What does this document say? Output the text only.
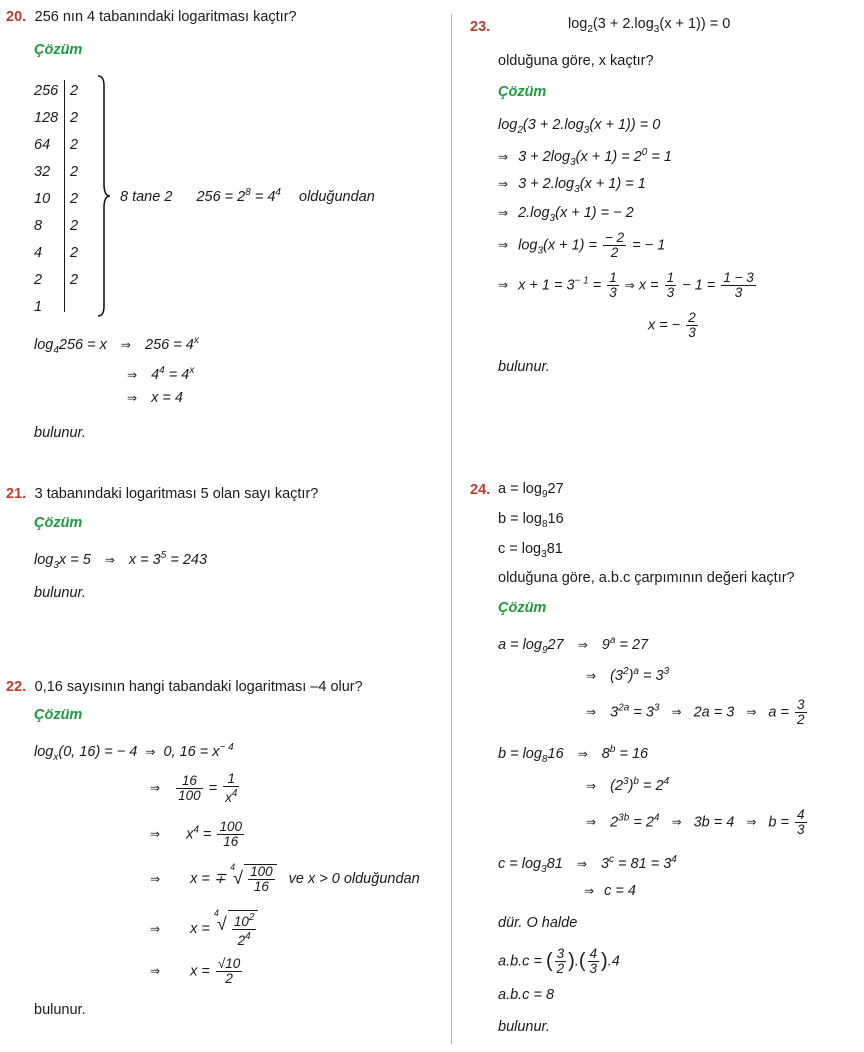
20. 256 nın 4 tabanındaki logaritması kaçtır?
Çözüm
256
128
64
32
10
8
4
2
1
2
2
2
2
2
2
2
2
8 tane 2 $256 = 2^8 = 4^4$ olduğundan
$\log_4256 = x$ ⇒ $256 = 4^x$
⇒ $4^4 = 4^x$
⇒ x = 4
bulunur.
21. 3 tabanındaki logaritması 5 olan sayı kaçtır?
Çözüm
$\log_3x = 5$ ⇒ $x = 3^5 = 243$
bulunur.
22. 0,16 sayısının hangi tabandaki logaritması –4 olur?
Çözüm
$\log_x(0$, 16) = − 4 ⇒ 0, $16 = x^{- 4}$
⇒ $\frac{16}{100} = \frac{1}{x^4}$
⇒ $x^4 = \frac{100}{16}$
⇒ x = ∓
4
√ $\frac{100}{16}$ ve x > 0 olduğundan
⇒ x =
4
√ $\frac{10^2}{2^4}$
⇒ $x = \frac{√10}{2}$
bulunur.
23.	$\log_2(3 + 2.\log_3(x + 1)) = 0$
olduğuna göre, x kaçtır?
Çözüm
$\log_2(3 + 2.\log_3(x + 1)) = 0$
⇒ $3 + 2\log_3(x + 1) = 2^0 = 1$
⇒ $3 + 2.\log_3(x + 1) = 1$
⇒ $2.\log_3(x + 1)$ = − 2
⇒ $\log_3(x + 1) = \frac{- 2}{2}$ = − 1
⇒ $x + 1 = 3^{- 1} = \frac{1}{3}$ ⇒ $x = \frac{1}{3} - 1 = \frac{1 - 3}{3}$
x = − $\frac{2}{3}$
bulunur.
24. $a = \log_927$
$b = \log_816$
$c = \log_381$
olduğuna göre, a.b.c çarpımının değeri kaçtır?
Çözüm
$a = \log_927$ ⇒ $9^a = 27$
⇒ $(3^2)^a = 3^3$
⇒ $3^{2a} = 3^3$ ⇒ 2a = 3 ⇒ $a = \frac{3}{2}$
$b = \log_816$ ⇒ $8^b = 16$
⇒ $(2^3)^b = 2^4$
⇒ $2^{3b} = 2^4$ ⇒ 3b = 4 ⇒ $b = \frac{4}{3}$
$c = \log_381$ ⇒ $3^c = 81 = 3^4$
⇒ c = 4
dür. O halde
a.b.c = ( $\frac{3}{2}$ ).( $\frac{4}{3} ).4$
a.b.c = 8
bulunur.
